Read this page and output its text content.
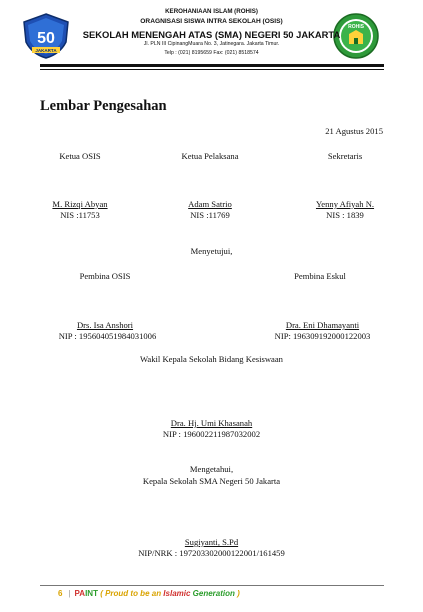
50
JAKARTA
ROHIS
KEROHANIAAN ISLAM (ROHIS)
ORAGNISASI SISWA INTRA SEKOLAH (OSIS)
SEKOLAH MENENGAH ATAS (SMA) NEGERI 50 JAKARTA
Jl. PLN III CipinangMuara No. 3, Jatinegara. Jakarta Timur.
Telp : (021) 8195659 Fax: (021) 8518574
Lembar Pengesahan
21 Agustus 2015
Ketua OSIS	Ketua Pelaksana	Sekretaris
M. Rizqi Abyan
NIS :11753
Adam Satrio
NIS :11769
Yenny Afiyah N.
NIS : 1839
Menyetujui,
Pembina OSIS	Pembina Eskul
Drs. Isa Anshori
NIP : 195604051984031006
Dra. Eni Dhamayanti
NIP: 196309192000122003
Wakil Kepala Sekolah Bidang Kesiswaan
Dra. Hj. Umi Khasanah
NIP : 196002211987032002
Mengetahui,
Kepala Sekolah SMA Negeri 50 Jakarta
Sugiyanti, S.Pd
NIP/NRK : 197203302000122001/161459
6 | PAINT ( Proud to be an Islamic Generation )
